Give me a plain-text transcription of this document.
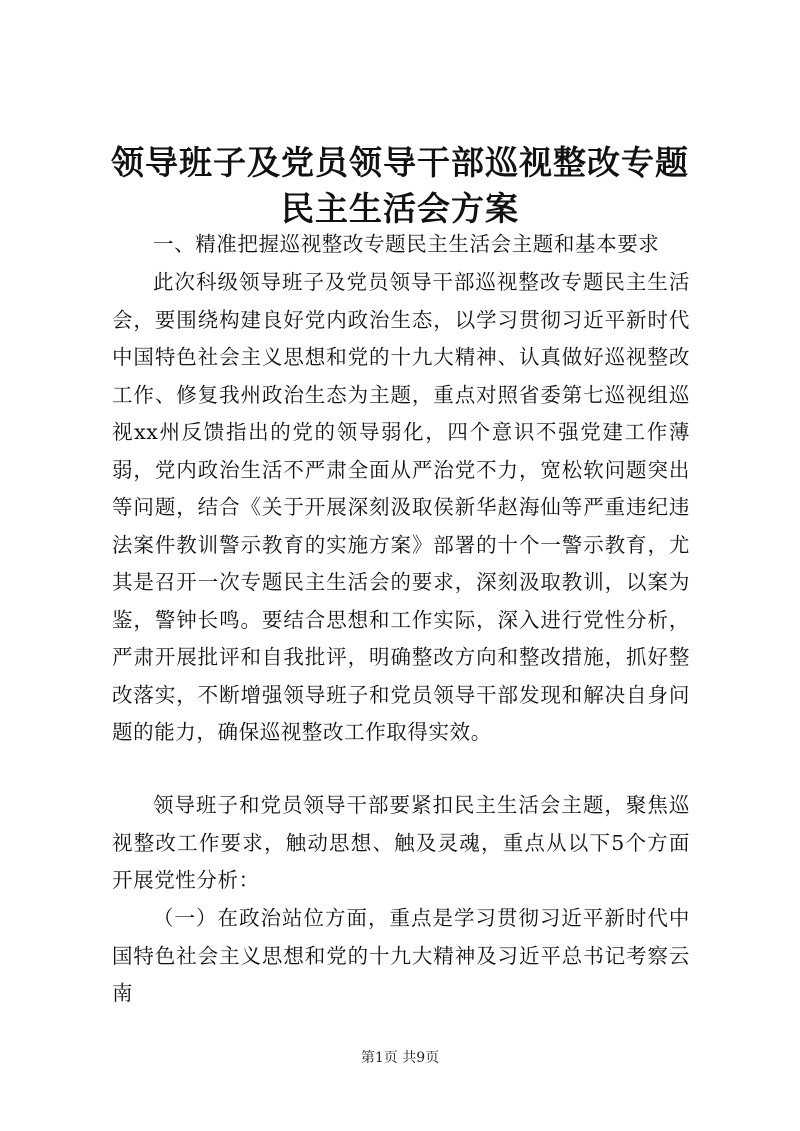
领导班子及党员领导干部巡视整改专题民主生活会方案

一、精准把握巡视整改专题民主生活会主题和基本要求

此次科级领导班子及党员领导干部巡视整改专题民主生活会，要围绕构建良好党内政治生态，以学习贯彻习近平新时代中国特色社会主义思想和党的十九大精神、认真做好巡视整改工作、修复我州政治生态为主题，重点对照省委第七巡视组巡视xx州反馈指出的党的领导弱化，四个意识不强党建工作薄弱，党内政治生活不严肃全面从严治党不力，宽松软问题突出等问题，结合《关于开展深刻汲取侯新华赵海仙等严重违纪违法案件教训警示教育的实施方案》部署的十个一警示教育，尤其是召开一次专题民主生活会的要求，深刻汲取教训，以案为鉴，警钟长鸣。要结合思想和工作实际，深入进行党性分析，严肃开展批评和自我批评，明确整改方向和整改措施，抓好整改落实，不断增强领导班子和党员领导干部发现和解决自身问题的能力，确保巡视整改工作取得实效。

领导班子和党员领导干部要紧扣民主生活会主题，聚焦巡视整改工作要求，触动思想、触及灵魂，重点从以下5个方面开展党性分析：

（一）在政治站位方面，重点是学习贯彻习近平新时代中国特色社会主义思想和党的十九大精神及习近平总书记考察云南

第1页 共9页
